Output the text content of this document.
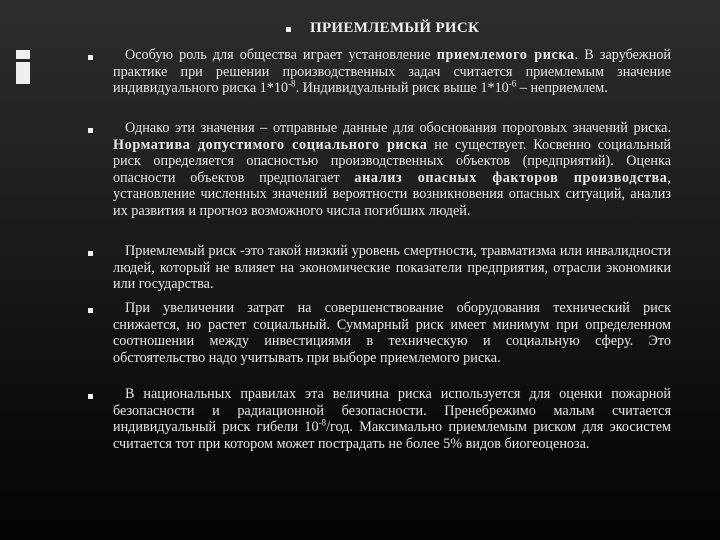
ПРИЕМЛЕМЫЙ РИСК
Особую роль для общества играет установление приемлемого риска. В зарубежной практике при решении производственных задач считается приемлемым значение индивидуального риска $1*10^{-8}$. Индивидуальный риск выше $1*10^{-6}$ – неприемлем.
Однако эти значения – отправные данные для обоснования пороговых значений риска. Норматива допустимого социального риска не существует. Косвенно социальный риск определяется опасностью производственных объектов (предприятий). Оценка опасности объектов предполагает анализ опасных факторов производства, установление численных значений вероятности возникновения опасных ситуаций, анализ их развития и прогноз возможного числа погибших людей.
Приемлемый риск -это такой низкий уровень смертности, травматизма или инвалидности людей, который не влияет на экономические показатели предприятия, отрасли экономики или государства.
При увеличении затрат на совершенствование оборудования технический риск снижается, но растет социальный. Суммарный риск имеет минимум при определенном соотношении между инвестициями в техническую и социальную сферу. Это обстоятельство надо учитывать при выборе приемлемого риска.
В национальных правилах эта величина риска используется для оценки пожарной безопасности и радиационной безопасности. Пренебрежимо малым считается индивидуальный риск гибели $10^{-8}$/год. Максимально приемлемым риском для экосистем считается тот при котором может пострадать не более 5% видов биогеоценоза.
